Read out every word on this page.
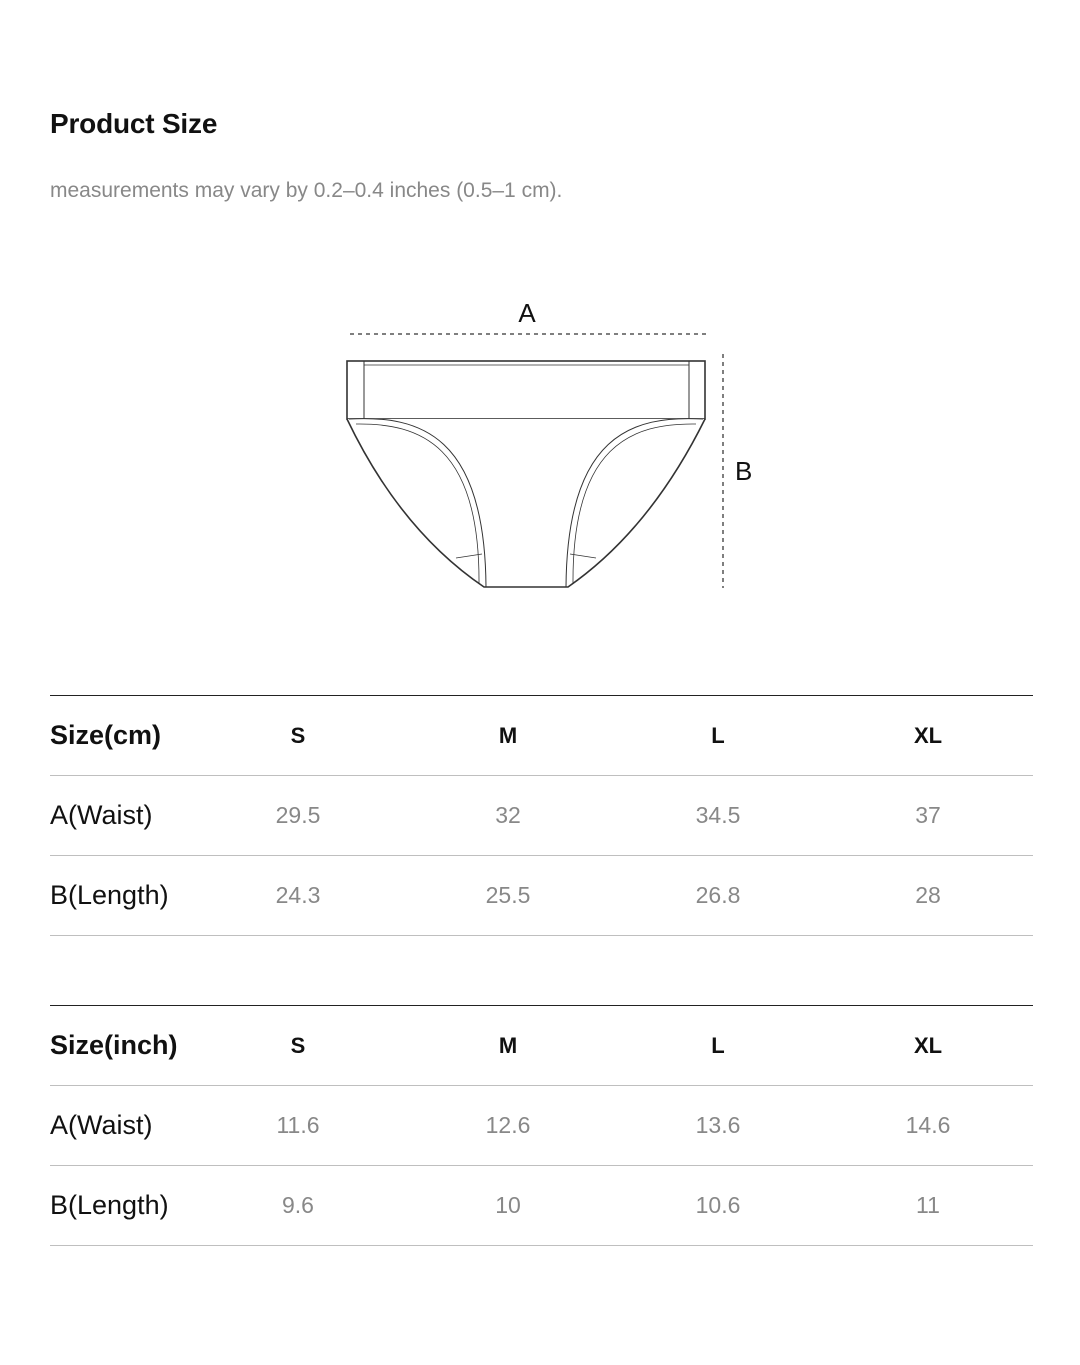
Product Size
measurements may vary by 0.2–0.4 inches (0.5–1 cm).
A
B
Size(cm)	S	M	L	XL
A(Waist)	29.5	32	34.5	37
B(Length)	24.3	25.5	26.8	28
Size(inch)	S	M	L	XL
A(Waist)	11.6	12.6	13.6	14.6
B(Length)	9.6	10	10.6	11
